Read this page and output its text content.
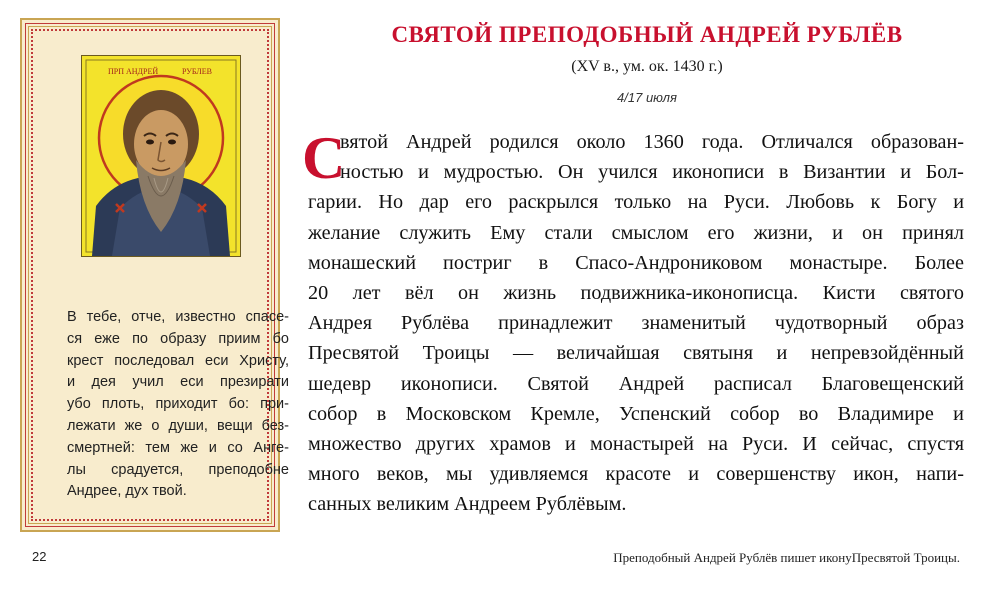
ПРП АНДРЕЙ	РУБЛЕВ
В тебе, отче, известно спасе-
ся еже по образу приим бо
крест последовал еси Христу,
и дея учил еси презирати
убо плоть, приходит бо: при-
лежати же о души, вещи без-
смертней: тем же и со Анге-
лы срадуется, преподобне
Андрее, дух твой.
СВЯТОЙ ПРЕПОДОБНЫЙ АНДРЕЙ РУБЛЁВ
(XV в., ум. ок. 1430 г.)
4/17 июля
С
вятой Андрей родился около 1360 года. Отличался образован-
ностью и мудростью. Он учился иконописи в Византии и Бол-
гарии. Но дар его раскрылся только на Руси. Любовь к Богу и
желание служить Ему стали смыслом его жизни, и он принял
монашеский постриг в Спасо-Андрониковом монастыре. Более
20 лет вёл он жизнь подвижника-иконописца. Кисти святого
Андрея Рублёва принадлежит знаменитый чудотворный образ
Пресвятой Троицы — величайшая святыня и непревзойдённый
шедевр иконописи. Святой Андрей расписал Благовещенский
собор в Московском Кремле, Успенский собор во Владимире и
множество других храмов и монастырей на Руси. И сейчас, спустя
много веков, мы удивляемся красоте и совершенству икон, напи-
санных великим Андреем Рублёвым.
22	Преподобный Андрей Рублёв пишет иконуПресвятой Троицы.
